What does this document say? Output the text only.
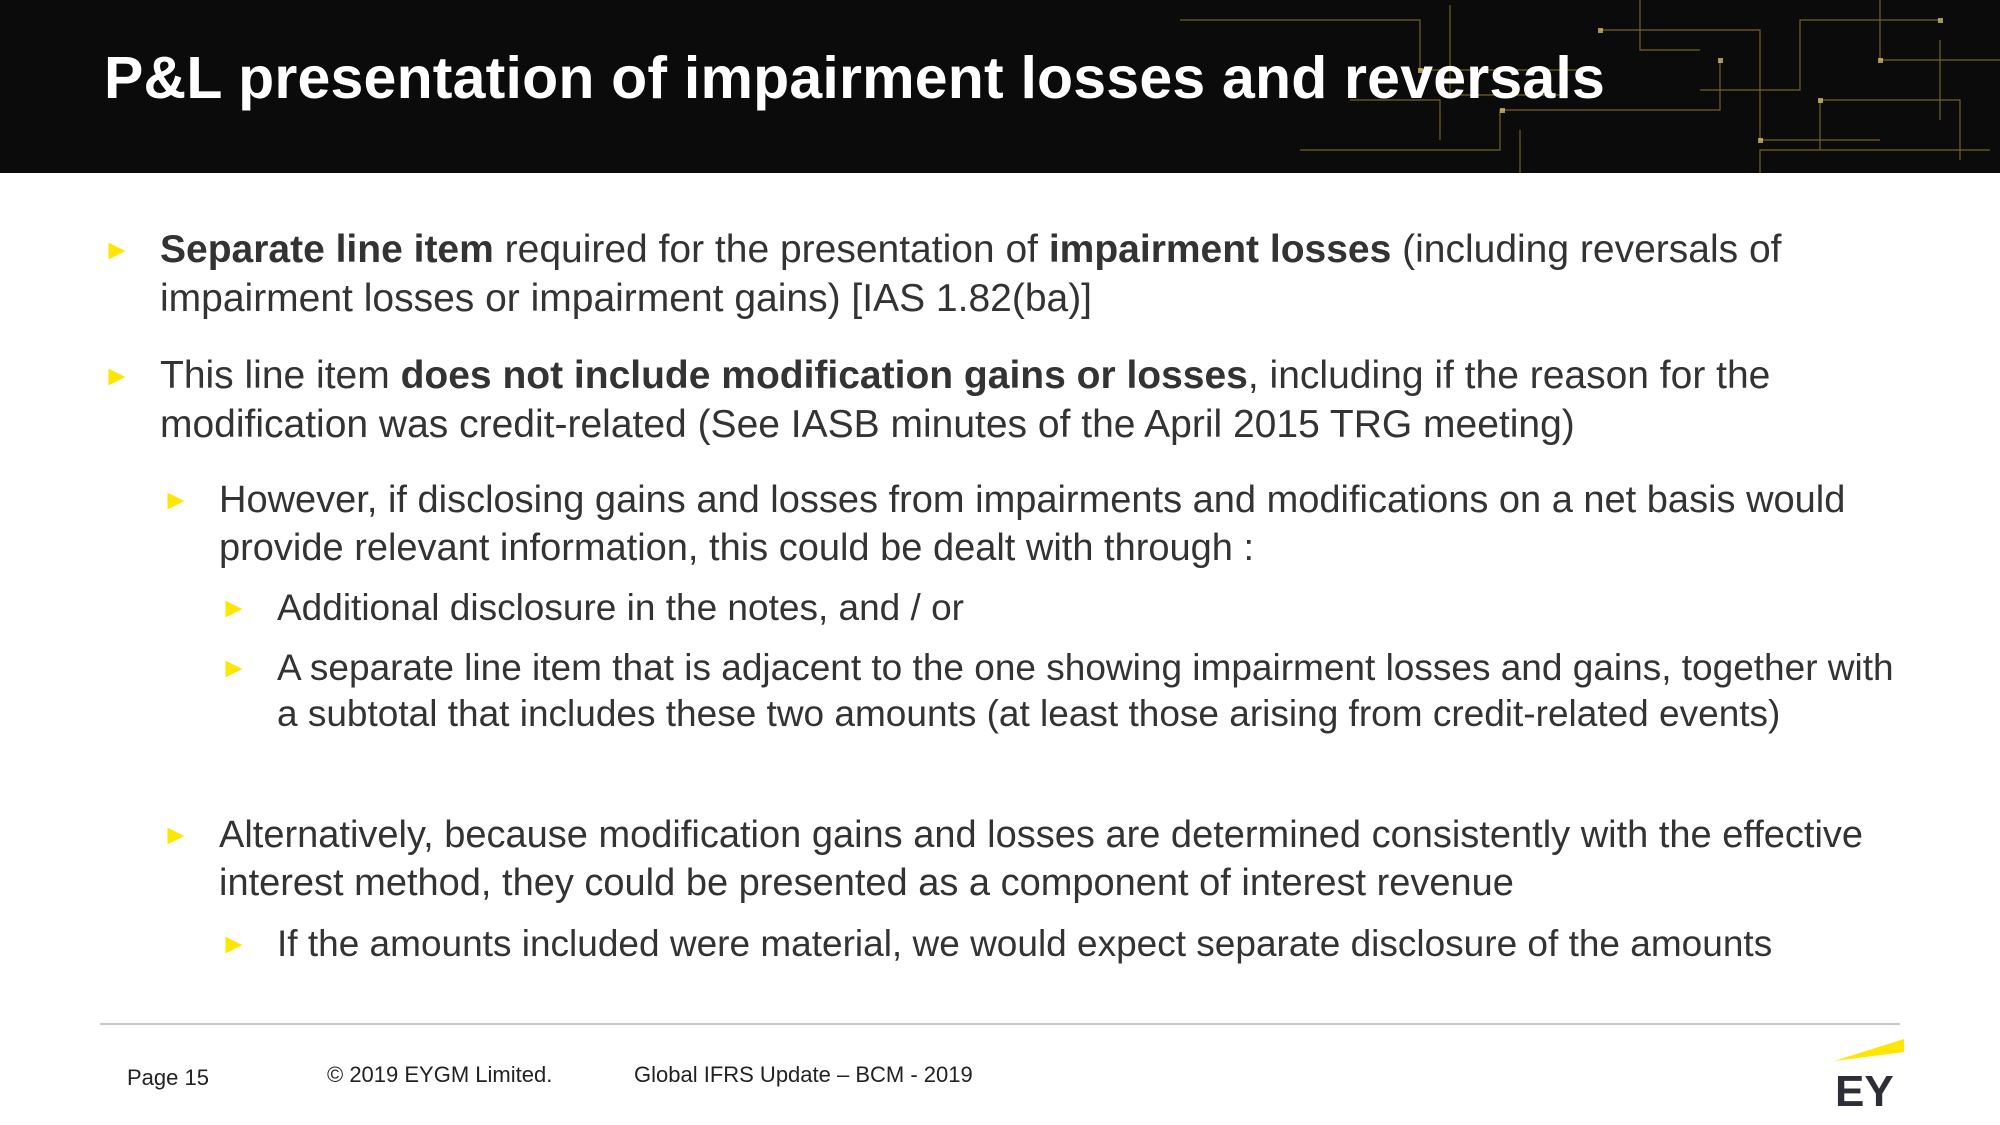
P&L presentation of impairment losses and reversals
► Separate line item required for the presentation of impairment losses (including reversals of impairment losses or impairment gains) [IAS 1.82(ba)]
► This line item does not include modification gains or losses, including if the reason for the modification was credit-related (See IASB minutes of the April 2015 TRG meeting)
► However, if disclosing gains and losses from impairments and modifications on a net basis would provide relevant information, this could be dealt with through :
► Additional disclosure in the notes, and / or
► A separate line item that is adjacent to the one showing impairment losses and gains, together with a subtotal that includes these two amounts (at least those arising from credit-related events)
► Alternatively, because modification gains and losses are determined consistently with the effective interest method, they could be presented as a component of interest revenue
► If the amounts included were material, we would expect separate disclosure of the amounts
Page 15	© 2019 EYGM Limited.	Global IFRS Update – BCM - 2019	EY
